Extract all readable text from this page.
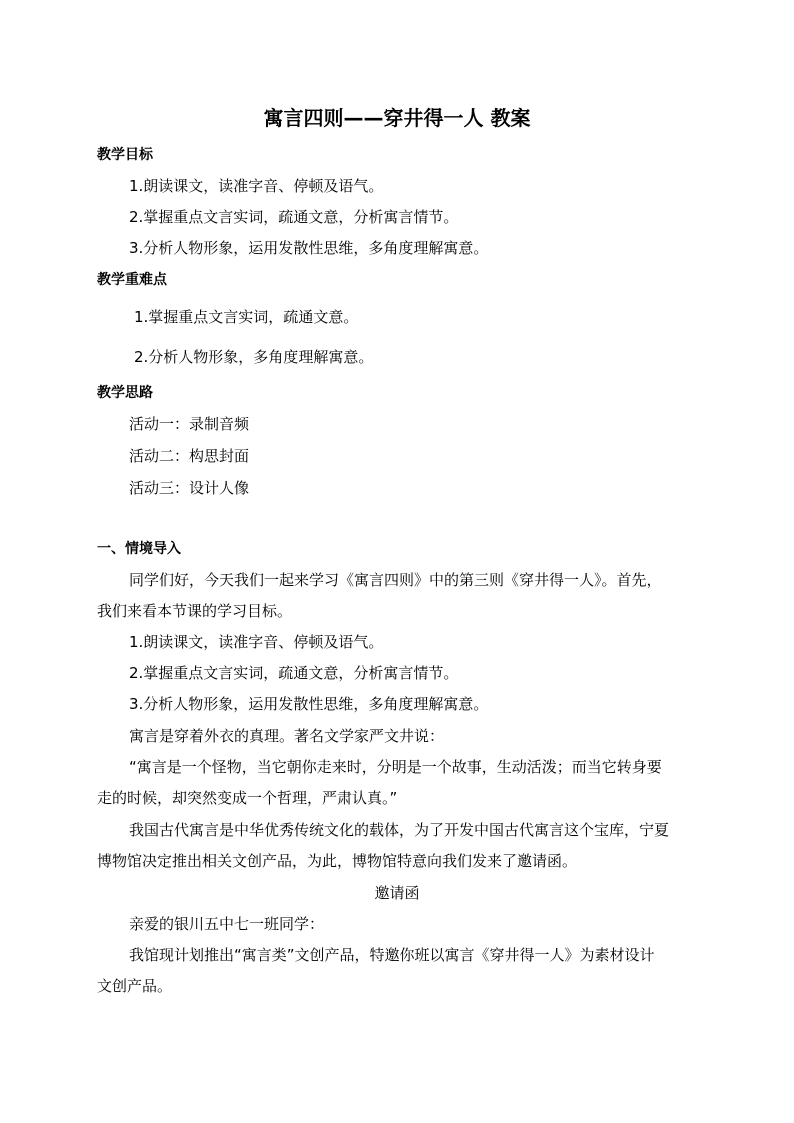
寓言四则——穿井得一人 教案
教学目标
1.朗读课文，读准字音、停顿及语气。
2.掌握重点文言实词，疏通文意，分析寓言情节。
3.分析人物形象，运用发散性思维，多角度理解寓意。
教学重难点
1.掌握重点文言实词，疏通文意。
2.分析人物形象，多角度理解寓意。
教学思路
活动一：录制音频
活动二：构思封面
活动三：设计人像
一、情境导入
同学们好，今天我们一起来学习《寓言四则》中的第三则《穿井得一人》。首先，
我们来看本节课的学习目标。
1.朗读课文，读准字音、停顿及语气。
2.掌握重点文言实词，疏通文意，分析寓言情节。
3.分析人物形象，运用发散性思维，多角度理解寓意。
寓言是穿着外衣的真理。著名文学家严文井说：
“寓言是一个怪物，当它朝你走来时，分明是一个故事，生动活泼；而当它转身要
走的时候，却突然变成一个哲理，严肃认真。”
我国古代寓言是中华优秀传统文化的载体，为了开发中国古代寓言这个宝库，宁夏
博物馆决定推出相关文创产品，为此，博物馆特意向我们发来了邀请函。
邀请函
亲爱的银川五中七一班同学：
我馆现计划推出“寓言类”文创产品，特邀你班以寓言《穿井得一人》为素材设计
文创产品。
